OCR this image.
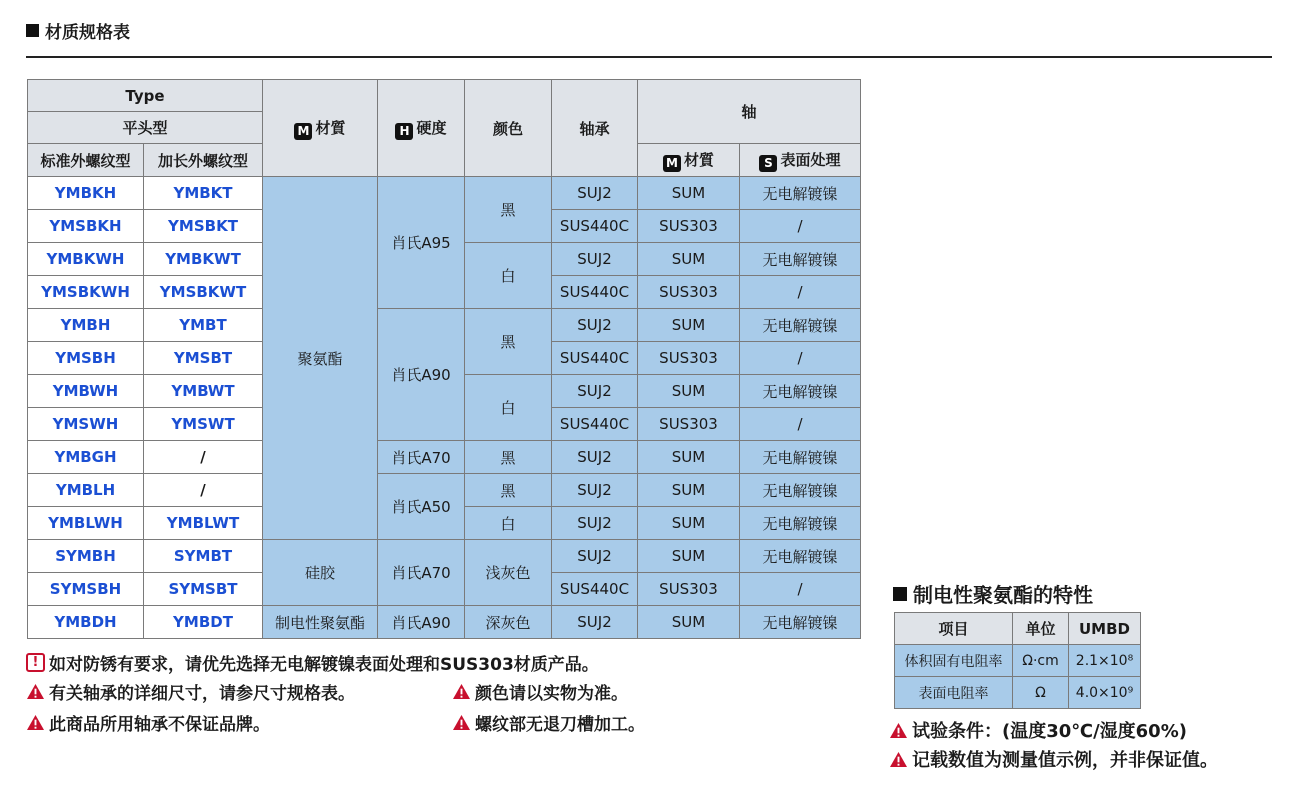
材质规格表
Type		M 材質	H 硬度	颜色	轴承	轴	
平头型							
标准外螺纹型	加长外螺纹型					M 材質	S 表面处理
YMBKH	YMBKT	聚氨酯	肖氏A95	黑	SUJ2	SUM	无电解镀镍
YMSBKH	YMSBKT				SUS440C	SUS303	/
YMBKWH	YMBKWT			白	SUJ2	SUM	无电解镀镍
YMSBKWH	YMSBKWT				SUS440C	SUS303	/
YMBH	YMBT		肖氏A90	黑	SUJ2	SUM	无电解镀镍
YMSBH	YMSBT				SUS440C	SUS303	/
YMBWH	YMBWT			白	SUJ2	SUM	无电解镀镍
YMSWH	YMSWT				SUS440C	SUS303	/
YMBGH	/		肖氏A70	黑	SUJ2	SUM	无电解镀镍
YMBLH	/		肖氏A50	黑	SUJ2	SUM	无电解镀镍
YMBLWH	YMBLWT			白	SUJ2	SUM	无电解镀镍
SYMBH	SYMBT	硅胶	肖氏A70	浅灰色	SUJ2	SUM	无电解镀镍
SYMSBH	SYMSBT				SUS440C	SUS303	/
YMBDH	YMBDT	制电性聚氨酯	肖氏A90	深灰色	SUJ2	SUM	无电解镀镍
! 如对防锈有要求，请优先选择无电解镀镍表面处理和SUS303材质产品。
有关轴承的详细尺寸，请参尺寸规格表。	颜色请以实物为准。
此商品所用轴承不保证品牌。	螺纹部无退刀槽加工。
制电性聚氨酯的特性
项目	单位	UMBD
体积固有电阻率	Ω·cm	2.1×10⁸
表面电阻率	Ω	4.0×10⁹
试验条件：(温度30℃/湿度60%)
记载数值为测量值示例，并非保证值。
